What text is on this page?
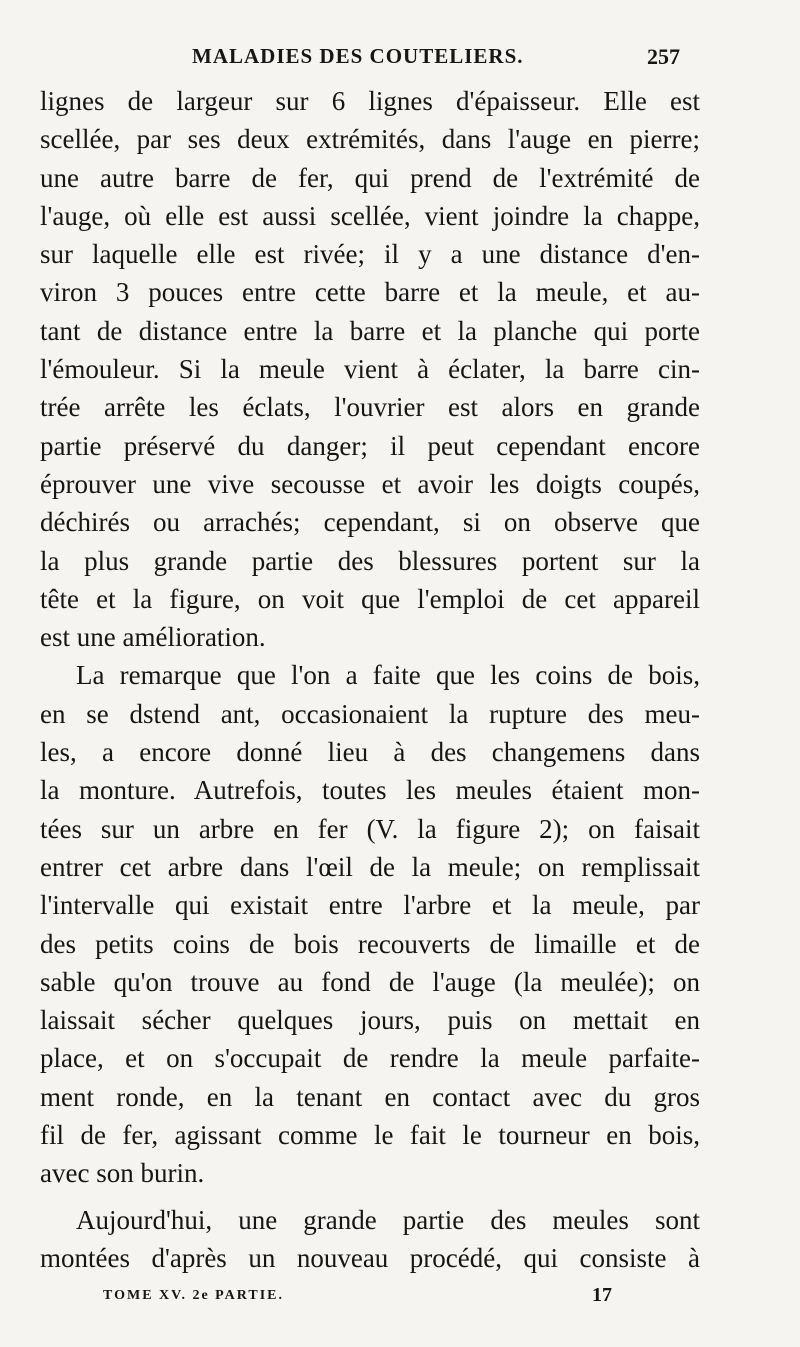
MALADIES DES COUTELIERS.	257
lignes de largeur sur 6 lignes d'épaisseur. Elle est
scellée, par ses deux extrémités, dans l'auge en pierre;
une autre barre de fer, qui prend de l'extrémité de
l'auge, où elle est aussi scellée, vient joindre la chappe,
sur laquelle elle est rivée; il y a une distance d'en-
viron 3 pouces entre cette barre et la meule, et au-
tant de distance entre la barre et la planche qui porte
l'émouleur. Si la meule vient à éclater, la barre cin-
trée arrête les éclats, l'ouvrier est alors en grande
partie préservé du danger; il peut cependant encore
éprouver une vive secousse et avoir les doigts coupés,
déchirés ou arrachés; cependant, si on observe que
la plus grande partie des blessures portent sur la
tête et la figure, on voit que l'emploi de cet appareil
est une amélioration.
La remarque que l'on a faite que les coins de bois,
en se dstend ant, occasionaient la rupture des meu-
les, a encore donné lieu à des changemens dans
la monture. Autrefois, toutes les meules étaient mon-
tées sur un arbre en fer (V. la figure 2); on faisait
entrer cet arbre dans l'œil de la meule; on remplissait
l'intervalle qui existait entre l'arbre et la meule, par
des petits coins de bois recouverts de limaille et de
sable qu'on trouve au fond de l'auge (la meulée); on
laissait sécher quelques jours, puis on mettait en
place, et on s'occupait de rendre la meule parfaite-
ment ronde, en la tenant en contact avec du gros
fil de fer, agissant comme le fait le tourneur en bois,
avec son burin.
Aujourd'hui, une grande partie des meules sont
montées d'après un nouveau procédé, qui consiste à
TOME XV. 2e PARTIE.	17
